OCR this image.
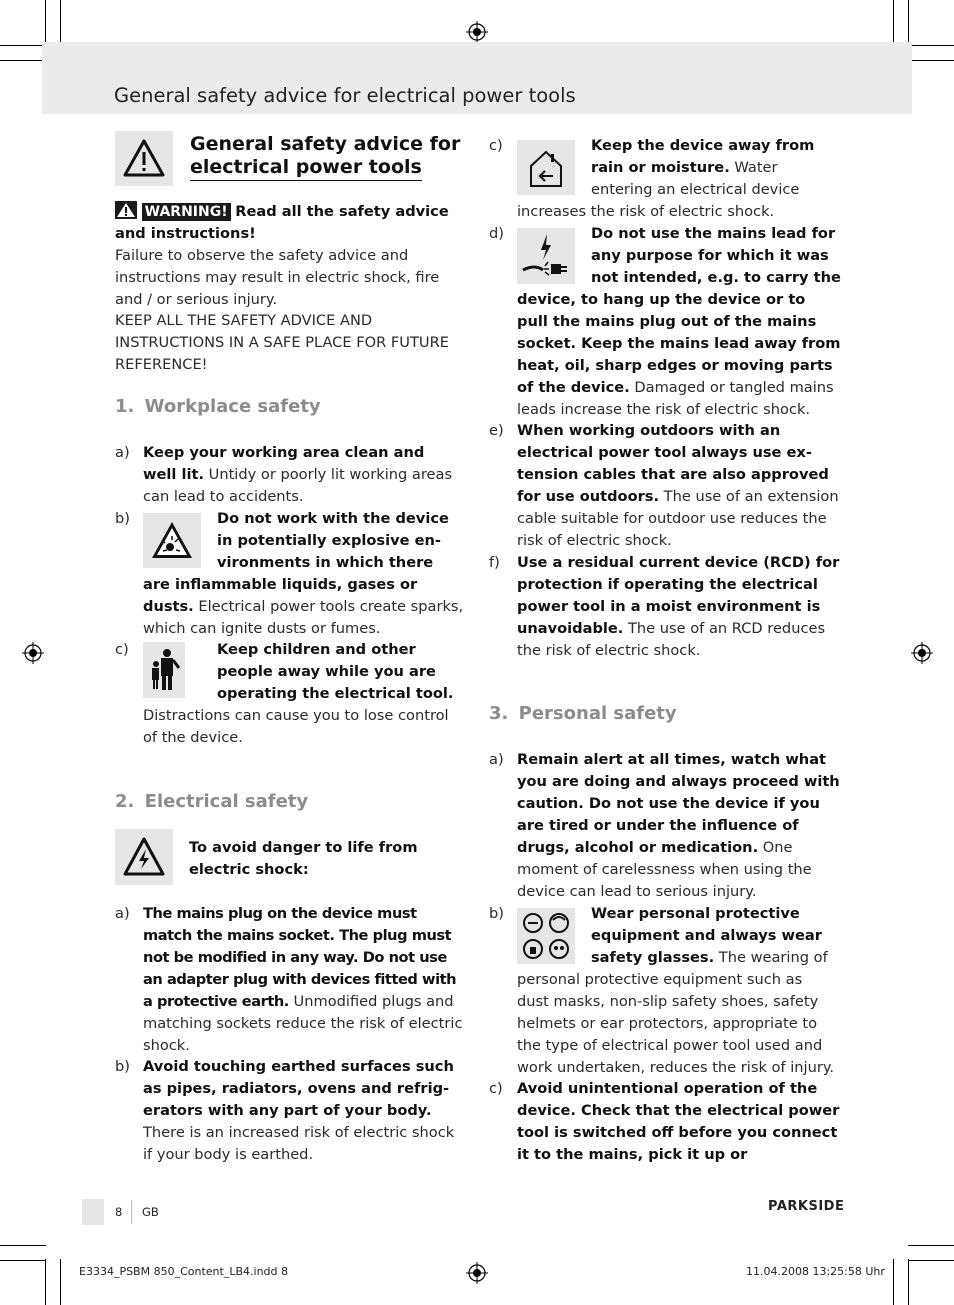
General safety advice for electrical power tools
General safety advice for
electrical power tools
WARNING! Read all the safety advice
and instructions!
Failure to observe the safety advice and instructions may result in electric shock, fire and / or serious injury.
KEEP ALL THE SAFETY ADVICE AND INSTRUCTIONS IN A SAFE PLACE FOR FUTURE REFERENCE!
1. Workplace safety
a) Keep your working area clean and well lit. Untidy or poorly lit working areas can lead to accidents.
b)	Do not work with the device in potentially explosive environments in which there are inflammable liquids, gases or dusts. Electrical power tools create sparks, which can ignite dusts or fumes.
c)	Keep children and other people away while you are operating the electrical tool. Distractions can cause you to lose control of the device.
2. Electrical safety
To avoid danger to life from
electric shock:
a) The mains plug on the device must match the mains socket. The plug must not be modified in any way. Do not use an adapter plug with devices fitted with a protective earth. Unmodified plugs and matching sockets reduce the risk of electric shock.
b) Avoid touching earthed surfaces such as pipes, radiators, ovens and refrigerators with any part of your body. There is an increased risk of electric shock if your body is earthed.
c)	Keep the device away from rain or moisture. Water entering an electrical device increases the risk of electric shock.
d)	Do not use the mains lead for any purpose for which it was not intended, e.g. to carry the device, to hang up the device or to pull the mains plug out of the mains socket. Keep the mains lead away from heat, oil, sharp edges or moving parts of the device. Damaged or tangled mains leads increase the risk of electric shock.
e) When working outdoors with an electrical power tool always use extension cables that are also approved for use outdoors. The use of an extension cable suitable for outdoor use reduces the risk of electric shock.
f) Use a residual current device (RCD) for protection if operating the electrical power tool in a moist environment is unavoidable. The use of an RCD reduces the risk of electric shock.
3. Personal safety
a) Remain alert at all times, watch what you are doing and always proceed with caution. Do not use the device if you are tired or under the influence of drugs, alcohol or medication. One moment of carelessness when using the device can lead to serious injury.
b)	Wear personal protective equipment and always wear safety glasses. The wearing of personal protective equipment such as dust masks, non-slip safety shoes, safety helmets or ear protectors, appropriate to the type of electrical power tool used and work undertaken, reduces the risk of injury.
c) Avoid unintentional operation of the device. Check that the electrical power tool is switched off before you connect it to the mains, pick it up or
8 GB	PARKSIDE
E3334_PSBM 850_Content_LB4.indd 8	11.04.2008 13:25:58 Uhr
